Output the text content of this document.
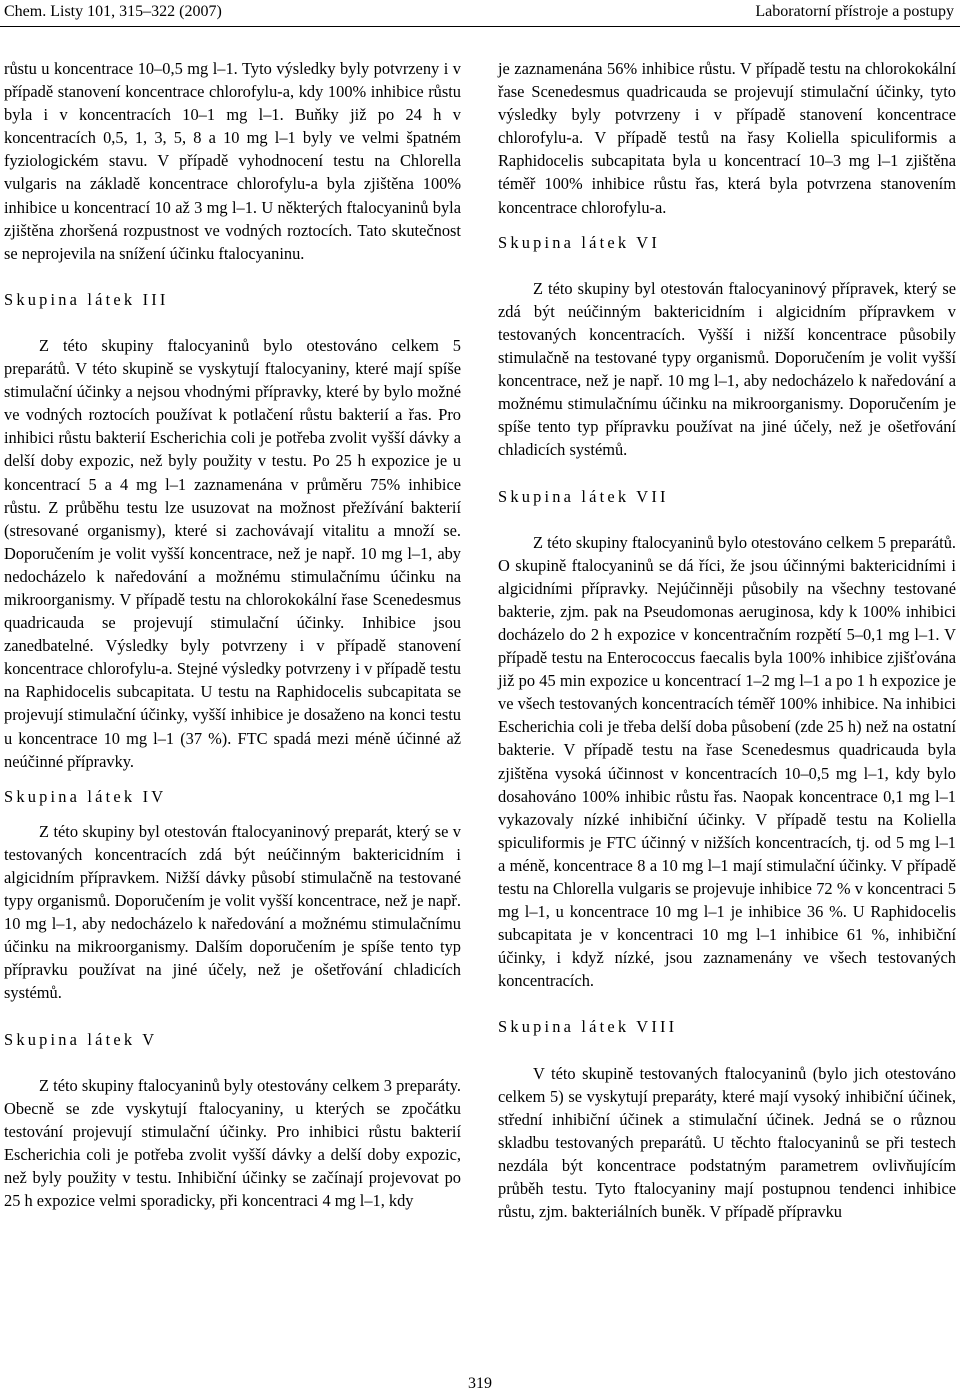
Chem. Listy 101, 315–322 (2007)	Laboratorní přístroje a postupy

růstu u koncentrace 10–0,5 mg l–1. Tyto výsledky byly potvrzeny i v případě stanovení koncentrace chlorofylu-a, kdy 100% inhibice růstu byla i v koncentracích 10–1 mg l–1. Buňky již po 24 h v koncentracích 0,5, 1, 3, 5, 8 a 10 mg l–1 byly ve velmi špatném fyziologickém stavu. V případě vyhodnocení testu na Chlorella vulgaris na základě koncentrace chlorofylu-a byla zjištěna 100% inhibice u koncentrací 10 až 3 mg l–1. U některých ftalocyaninů byla zjištěna zhoršená rozpustnost ve vodných roztocích. Tato skutečnost se neprojevila na snížení účinku ftalocyaninu.

Skupina látek III

Z této skupiny ftalocyaninů bylo otestováno celkem 5 preparátů. V této skupině se vyskytují ftalocyaniny, které mají spíše stimulační účinky a nejsou vhodnými přípravky, které by bylo možné ve vodných roztocích používat k potlačení růstu bakterií a řas. Pro inhibici růstu bakterií Escherichia coli je potřeba zvolit vyšší dávky a delší doby expozic, než byly použity v testu. Po 25 h expozice je u koncentrací 5 a 4 mg l–1 zaznamenána v průměru 75% inhibice růstu. Z průběhu testu lze usuzovat na možnost přežívání bakterií (stresované organismy), které si zachovávají vitalitu a množí se. Doporučením je volit vyšší koncentrace, než je např. 10 mg l–1, aby nedocházelo k naředování a možnému stimulačnímu účinku na mikroorganismy. V případě testu na chlorokokální řase Scenedesmus quadricauda se projevují stimulační účinky. Inhibice jsou zanedbatelné. Výsledky byly potvrzeny i v případě stanovení koncentrace chlorofylu-a. Stejné výsledky potvrzeny i v případě testu na Raphidocelis subcapitata. U testu na Raphidocelis subcapitata se projevují stimulační účinky, vyšší inhibice je dosaženo na konci testu u koncentrace 10 mg l–1 (37 %). FTC spadá mezi méně účinné až neúčinné přípravky.

Skupina látek IV

Z této skupiny byl otestován ftalocyaninový preparát, který se v testovaných koncentracích zdá být neúčinným baktericidním i algicidním přípravkem. Nižší dávky působí stimulačně na testované typy organismů. Doporučením je volit vyšší koncentrace, než je např. 10 mg l–1, aby nedocházelo k naředování a možnému stimulačnímu účinku na mikroorganismy. Dalším doporučením je spíše tento typ přípravku používat na jiné účely, než je ošetřování chladicích systémů.

Skupina látek V

Z této skupiny ftalocyaninů byly otestovány celkem 3 preparáty. Obecně se zde vyskytují ftalocyaniny, u kterých se zpočátku testování projevují stimulační účinky. Pro inhibici růstu bakterií Escherichia coli je potřeba zvolit vyšší dávky a delší doby expozic, než byly použity v testu. Inhibiční účinky se začínají projevovat po 25 h expozice velmi sporadicky, při koncentraci 4 mg l–1, kdy

je zaznamenána 56% inhibice růstu. V případě testu na chlorokokální řase Scenedesmus quadricauda se projevují stimulační účinky, tyto výsledky byly potvrzeny i v případě stanovení koncentrace chlorofylu-a. V případě testů na řasy Koliella spiculiformis a Raphidocelis subcapitata byla u koncentrací 10–3 mg l–1 zjištěna téměř 100% inhibice růstu řas, která byla potvrzena stanovením koncentrace chlorofylu-a.

Skupina látek VI

Z této skupiny byl otestován ftalocyaninový přípravek, který se zdá být neúčinným baktericidním i algicidním přípravkem v testovaných koncentracích. Vyšší i nižší koncentrace působily stimulačně na testované typy organismů. Doporučením je volit vyšší koncentrace, než je např. 10 mg l–1, aby nedocházelo k naředování a možnému stimulačnímu účinku na mikroorganismy. Doporučením je spíše tento typ přípravku používat na jiné účely, než je ošetřování chladicích systémů.

Skupina látek VII

Z této skupiny ftalocyaninů bylo otestováno celkem 5 preparátů. O skupině ftalocyaninů se dá říci, že jsou účinnými baktericidními i algicidními přípravky. Nejúčinněji působily na všechny testované bakterie, zjm. pak na Pseudomonas aeruginosa, kdy k 100% inhibici docházelo do 2 h expozice v koncentračním rozpětí 5–0,1 mg l–1. V případě testu na Enterococcus faecalis byla 100% inhibice zjišťována již po 45 min expozice u koncentrací 1–2 mg l–1 a po 1 h expozice je ve všech testovaných koncentracích téměř 100% inhibice. Na inhibici Escherichia coli je třeba delší doba působení (zde 25 h) než na ostatní bakterie. V případě testu na řase Scenedesmus quadricauda byla zjištěna vysoká účinnost v koncentracích 10–0,5 mg l–1, kdy bylo dosahováno 100% inhibic růstu řas. Naopak koncentrace 0,1 mg l–1 vykazovaly nízké inhibiční účinky. V případě testu na Koliella spiculiformis je FTC účinný v nižších koncentracích, tj. od 5 mg l–1 a méně, koncentrace 8 a 10 mg l–1 mají stimulační účinky. V případě testu na Chlorella vulgaris se projevuje inhibice 72 % v koncentraci 5 mg l–1, u koncentrace 10 mg l–1 je inhibice 36 %. U Raphidocelis subcapitata je v koncentraci 10 mg l–1 inhibice 61 %, inhibiční účinky, i když nízké, jsou zaznamenány ve všech testovaných koncentracích.

Skupina látek VIII

V této skupině testovaných ftalocyaninů (bylo jich otestováno celkem 5) se vyskytují preparáty, které mají vysoký inhibiční účinek, střední inhibiční účinek a stimulační účinek. Jedná se o různou skladbu testovaných preparátů. U těchto ftalocyaninů se při testech nezdála být koncentrace podstatným parametrem ovlivňujícím průběh testu. Tyto ftalocyaniny mají postupnou tendenci inhibice růstu, zjm. bakteriálních buněk. V případě přípravku

319
